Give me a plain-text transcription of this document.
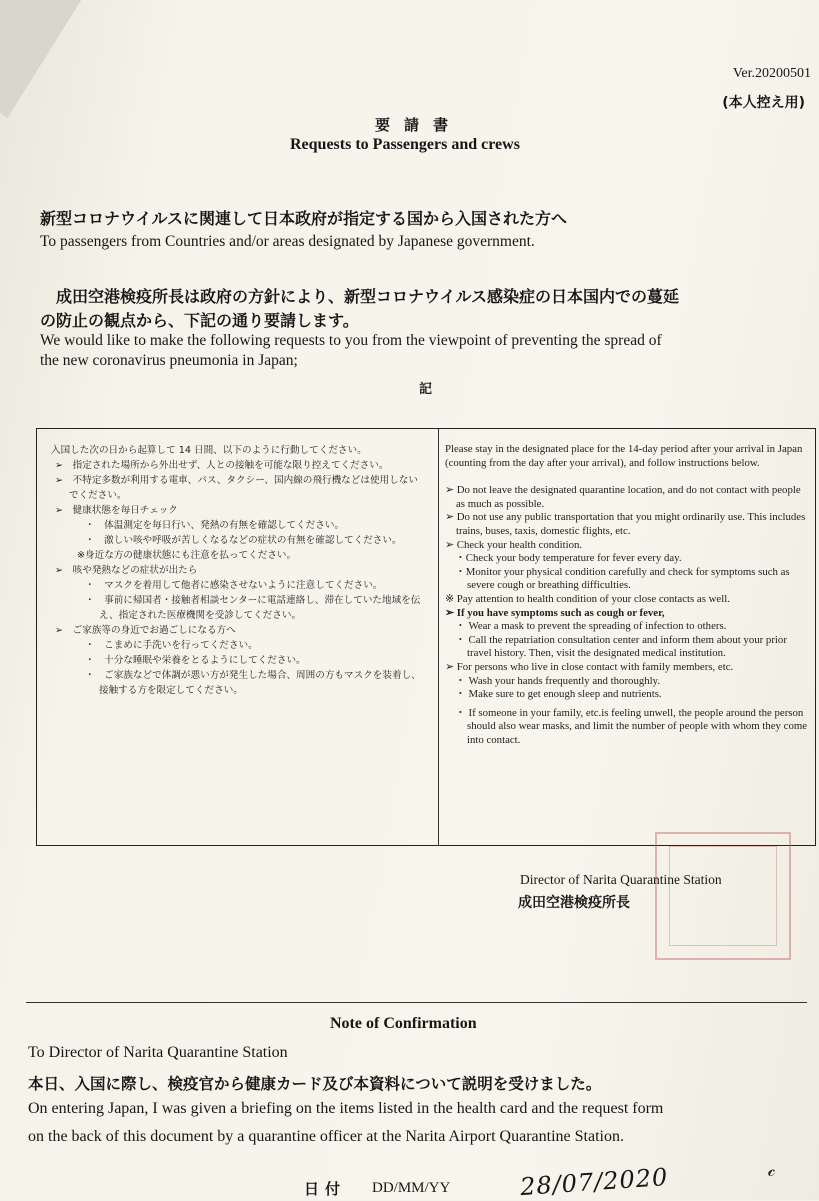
Ver.20200501
(本人控え用)
要請書
Requests to Passengers and crews
新型コロナウイルスに関連して日本政府が指定する国から入国された方へ
To passengers from Countries and/or areas designated by Japanese government.
　成田空港検疫所長は政府の方針により、新型コロナウイルス感染症の日本国内での蔓延
の防止の観点から、下記の通り要請します。
We would like to make the following requests to you from the viewpoint of preventing the spread of
the new coronavirus pneumonia in Japan;
記

入国した次の日から起算して 14 日間、以下のように行動してください。

➢　指定された場所から外出せず、人との接触を可能な限り控えてください。

➢　不特定多数が利用する電車、バス、タクシー、国内線の飛行機などは使用しないでください。

➢　健康状態を毎日チェック

・　体温測定を毎日行い、発熱の有無を確認してください。

・　激しい咳や呼吸が苦しくなるなどの症状の有無を確認してください。

※身近な方の健康状態にも注意を払ってください。

➢　咳や発熱などの症状が出たら

・　マスクを着用して他者に感染させないように注意してください。

・　事前に帰国者・接触者相談センターに電話連絡し、滞在していた地域を伝え、指定された医療機関を受診してください。

➢　ご家族等の身近でお過ごしになる方へ

・　こまめに手洗いを行ってください。

・　十分な睡眠や栄養をとるようにしてください。

・　ご家族などで体調が悪い方が発生した場合、周囲の方もマスクを装着し、接触する方を限定してください。

Please stay in the designated place for the 14-day period after your arrival in Japan (counting from the day after your arrival), and follow instructions below.

➢ Do not leave the designated quarantine location, and do not contact with people as much as possible.

➢ Do not use any public transportation that you might ordinarily use. This includes trains, buses, taxis, domestic flights, etc.

➢ Check your health condition.

・Check your body temperature for fever every day.

・Monitor your physical condition carefully and check for symptoms such as severe cough or breathing difficulties.

※ Pay attention to health condition of your close contacts as well.

➢ If you have symptoms such as cough or fever,

・ Wear a mask to prevent the spreading of infection to others.

・ Call the repatriation consultation center and inform them about your prior travel history. Then, visit the designated medical institution.

➢ For persons who live in close contact with family members, etc.

・ Wash your hands frequently and thoroughly.

・ Make sure to get enough sleep and nutrients.

・ If someone in your family, etc.is feeling unwell, the people around the person should also wear masks, and limit the number of people with whom they come into contact.

Director of Narita Quarantine Station
成田空港検疫所長
Note of Confirmation
To Director of Narita Quarantine Station
本日、入国に際し、検疫官から健康カード及び本資料について説明を受けました。
On entering Japan, I was given a briefing on the items listed in the health card and the request form
on the back of this document by a quarantine officer at the Narita Airport Quarantine Station.
日付 DD/MM/YY	28/07/2020	𝒸
